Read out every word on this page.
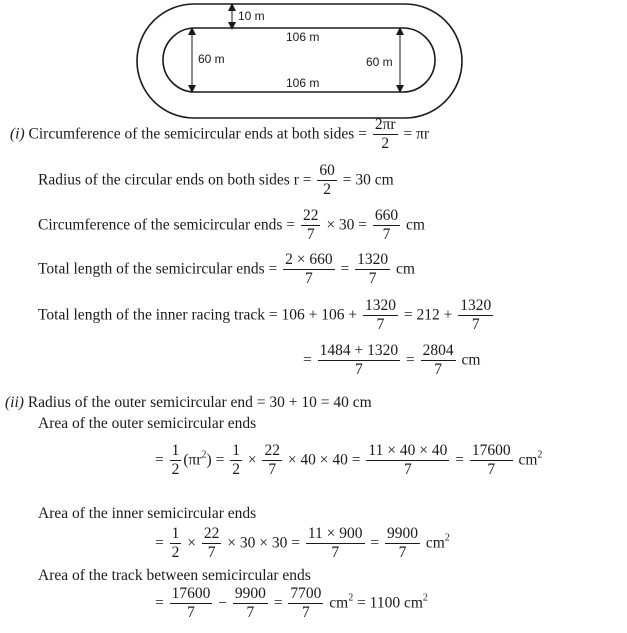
10 m
106 m
106 m
60 m	60 m
(i) Circumference of the semicircular ends at both sides = $\frac{2\pi r}{2} = \pi r$
Radius of the circular ends on both sides $r = \frac{60}{2} = 30$ cm
Circumference of the semicircular ends = $\frac{22}{7} \times 30 = \frac{660}{7}$ cm
Total length of the semicircular ends = $\frac{2 \times 660}{7} = \frac{1320}{7}$ cm
Total length of the inner racing track = $106 + 106 + \frac{1320}{7} = 212 + \frac{1320}{7}$
= $\frac{1484 + 1320}{7} = \frac{2804}{7}$ cm
(ii) Radius of the outer semicircular end = 30 + 10 = 40 cm
Area of the outer semicircular ends
= $\frac{1}{2} (\pi r^2) = \frac{1}{2} \times \frac{22}{7} \times 40 \times 40 = \frac{11 \times 40 \times 40}{7} = \frac{17600}{7} cm^2$
Area of the inner semicircular ends
= $\frac{1}{2} \times \frac{22}{7} \times 30 \times 30 = \frac{11 \times 900}{7} = \frac{9900}{7} cm^2$
Area of the track between semicircular ends
= $\frac{17600}{7} - \frac{9900}{7} = \frac{7700}{7} cm^2 = 1100$ $cm^2$
